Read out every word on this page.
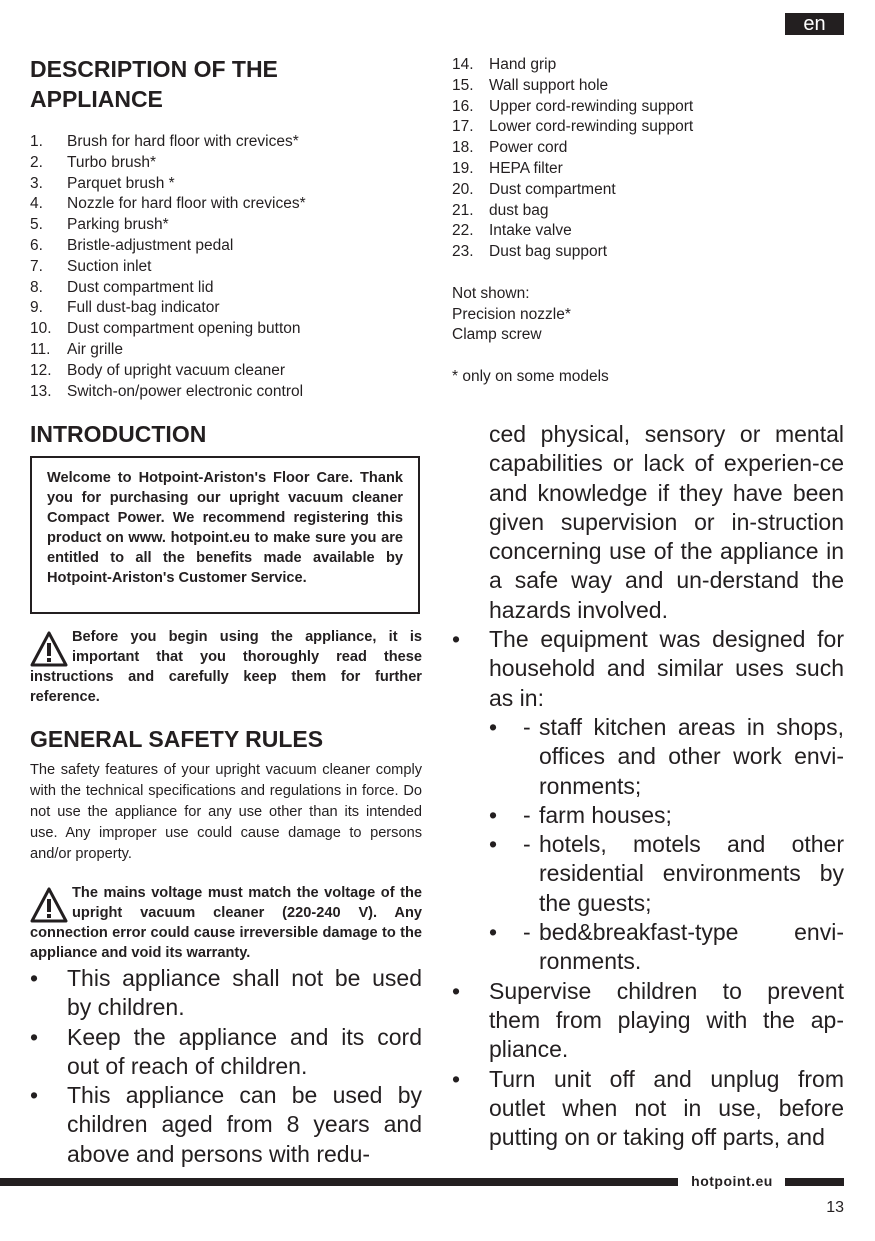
en
DESCRIPTION OF THE APPLIANCE
1. Brush for hard floor with crevices*
2. Turbo brush*
3. Parquet brush *
4. Nozzle for hard floor with crevices*
5. Parking brush*
6. Bristle-adjustment pedal
7. Suction inlet
8. Dust compartment lid
9. Full dust-bag indicator
10. Dust compartment opening button
11. Air grille
12. Body of upright vacuum cleaner
13. Switch-on/power electronic control
14. Hand grip
15. Wall support hole
16. Upper cord-rewinding support
17. Lower cord-rewinding support
18. Power cord
19. HEPA filter
20. Dust compartment
21. dust bag
22. Intake valve
23. Dust bag support

Not shown:

Precision nozzle*

Clamp screw

* only on some models

INTRODUCTION
Welcome to Hotpoint-Ariston's Floor Care. Thank you for purchasing our upright vacuum cleaner Compact Power. We recommend registering this product on www. hotpoint.eu to make sure you are entitled to all the benefits made available by Hotpoint-Ariston's Customer Service.

Before you begin using the appliance, it is important that you thoroughly read these instructions and carefully keep them for further reference.

GENERAL SAFETY RULES

The safety features of your upright vacuum cleaner comply with the technical specifications and regulations in force. Do not use the appliance for any use other than its intended use. Any improper use could cause damage to persons and/or property.

The mains voltage must match the voltage of the upright vacuum cleaner (220-240 V). Any connection error could cause irreversible damage to the appliance and void its warranty.

• This appliance shall not be used by children.
• Keep the appliance and its cord out of reach of children.
• This appliance can be used by children aged from 8 years and above and persons with redu-
ced physical, sensory or mental capabilities or lack of experien-ce and knowledge if they have been given supervision or in-struction concerning use of the appliance in a safe way and un-derstand the hazards involved.
• The equipment was designed for household and similar uses such as in:
• - staff kitchen areas in shops, offices and other work envi-ronments;
• - farm houses;
• - hotels, motels and other residential environments by the guests;
• - bed&breakfast-type envi-ronments.
• Supervise children to prevent them from playing with the ap-pliance.
• Turn unit off and unplug from outlet when not in use, before putting on or taking off parts, and
hotpoint.eu
13
